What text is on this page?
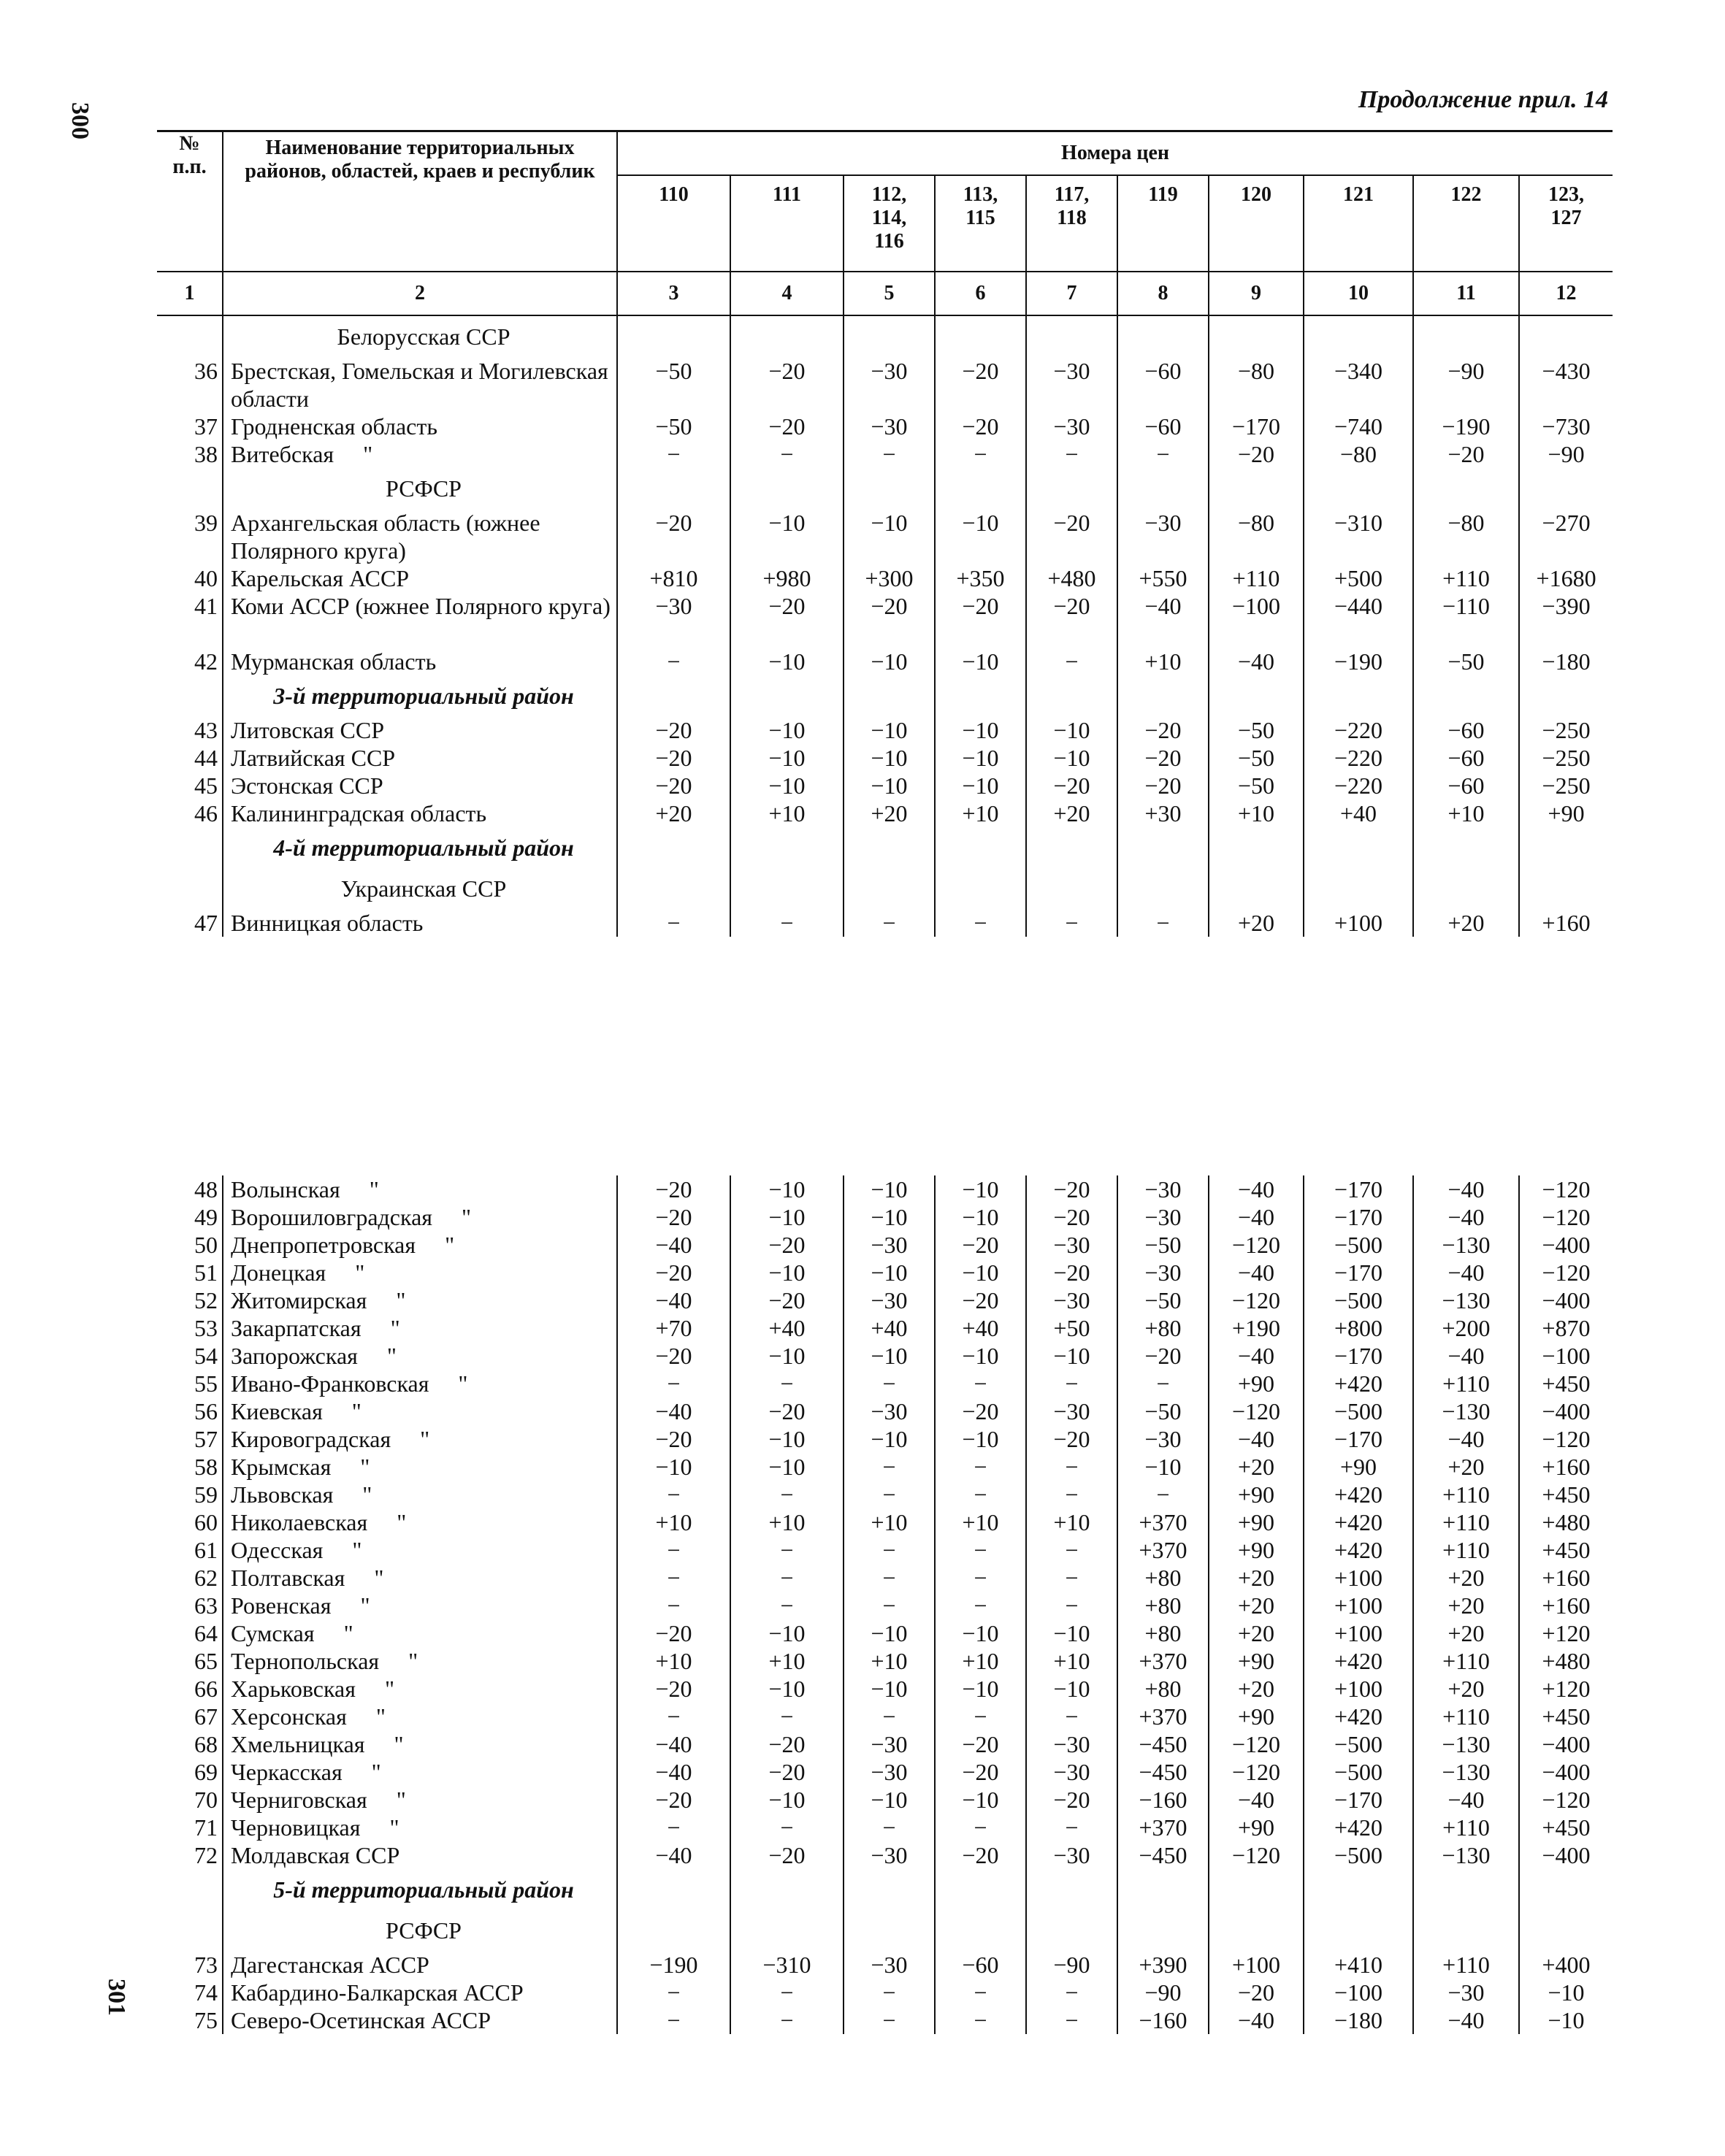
300
Продолжение прил. 14
№
п.п.	Наименование территориальных районов, областей, краев и республик	Номера цен									
		110	111	112,
114,
116	113,
115	117,
118	119	120	121	122	123,
127
1	2	3	4	5	6	7	8	9	10	11	12
	Белорусская ССР										
36	Брестская, Гомельская и Могилевская области	−50	−20	−30	−20	−30	−60	−80	−340	−90	−430
37	Гродненская область	−50	−20	−30	−20	−30	−60	−170	−740	−190	−730
38	Витебская "	−	−	−	−	−	−	−20	−80	−20	−90
	РСФСР										
39	Архангельская область (южнее Полярного круга)	−20	−10	−10	−10	−20	−30	−80	−310	−80	−270
40	Карельская АССР	+810	+980	+300	+350	+480	+550	+110	+500	+110	+1680
41	Коми АССР (южнее Полярного круга)	−30	−20	−20	−20	−20	−40	−100	−440	−110	−390
42	Мурманская область	−	−10	−10	−10	−	+10	−40	−190	−50	−180
	3-й территориальный район										
43	Литовская ССР	−20	−10	−10	−10	−10	−20	−50	−220	−60	−250
44	Латвийская ССР	−20	−10	−10	−10	−10	−20	−50	−220	−60	−250
45	Эстонская ССР	−20	−10	−10	−10	−20	−20	−50	−220	−60	−250
46	Калининградская область	+20	+10	+20	+10	+20	+30	+10	+40	+10	+90
	4-й территориальный район										
	Украинская ССР										
47	Винницкая область	−	−	−	−	−	−	+20	+100	+20	+160
48	Волынская "	−20	−10	−10	−10	−20	−30	−40	−170	−40	−120
49	Ворошиловградская "	−20	−10	−10	−10	−20	−30	−40	−170	−40	−120
50	Днепропетровская "	−40	−20	−30	−20	−30	−50	−120	−500	−130	−400
51	Донецкая "	−20	−10	−10	−10	−20	−30	−40	−170	−40	−120
52	Житомирская "	−40	−20	−30	−20	−30	−50	−120	−500	−130	−400
53	Закарпатская "	+70	+40	+40	+40	+50	+80	+190	+800	+200	+870
54	Запорожская "	−20	−10	−10	−10	−10	−20	−40	−170	−40	−100
55	Ивано-Франковская "	−	−	−	−	−	−	+90	+420	+110	+450
56	Киевская "	−40	−20	−30	−20	−30	−50	−120	−500	−130	−400
57	Кировоградская "	−20	−10	−10	−10	−20	−30	−40	−170	−40	−120
58	Крымская "	−10	−10	−	−	−	−10	+20	+90	+20	+160
59	Львовская "	−	−	−	−	−	−	+90	+420	+110	+450
60	Николаевская "	+10	+10	+10	+10	+10	+370	+90	+420	+110	+480
61	Одесская "	−	−	−	−	−	+370	+90	+420	+110	+450
62	Полтавская "	−	−	−	−	−	+80	+20	+100	+20	+160
63	Ровенская "	−	−	−	−	−	+80	+20	+100	+20	+160
64	Сумская "	−20	−10	−10	−10	−10	+80	+20	+100	+20	+120
65	Тернопольская "	+10	+10	+10	+10	+10	+370	+90	+420	+110	+480
66	Харьковская "	−20	−10	−10	−10	−10	+80	+20	+100	+20	+120
67	Херсонская "	−	−	−	−	−	+370	+90	+420	+110	+450
68	Хмельницкая "	−40	−20	−30	−20	−30	−450	−120	−500	−130	−400
69	Черкасская "	−40	−20	−30	−20	−30	−450	−120	−500	−130	−400
70	Черниговская "	−20	−10	−10	−10	−20	−160	−40	−170	−40	−120
71	Черновицкая "	−	−	−	−	−	+370	+90	+420	+110	+450
72	Молдавская ССР	−40	−20	−30	−20	−30	−450	−120	−500	−130	−400
	5-й территориальный район										
	РСФСР										
73	Дагестанская АССР	−190	−310	−30	−60	−90	+390	+100	+410	+110	+400
74	Кабардино-Балкарская АССР	−	−	−	−	−	−90	−20	−100	−30	−10
75	Северо-Осетинская АССР	−	−	−	−	−	−160	−40	−180	−40	−10
301
